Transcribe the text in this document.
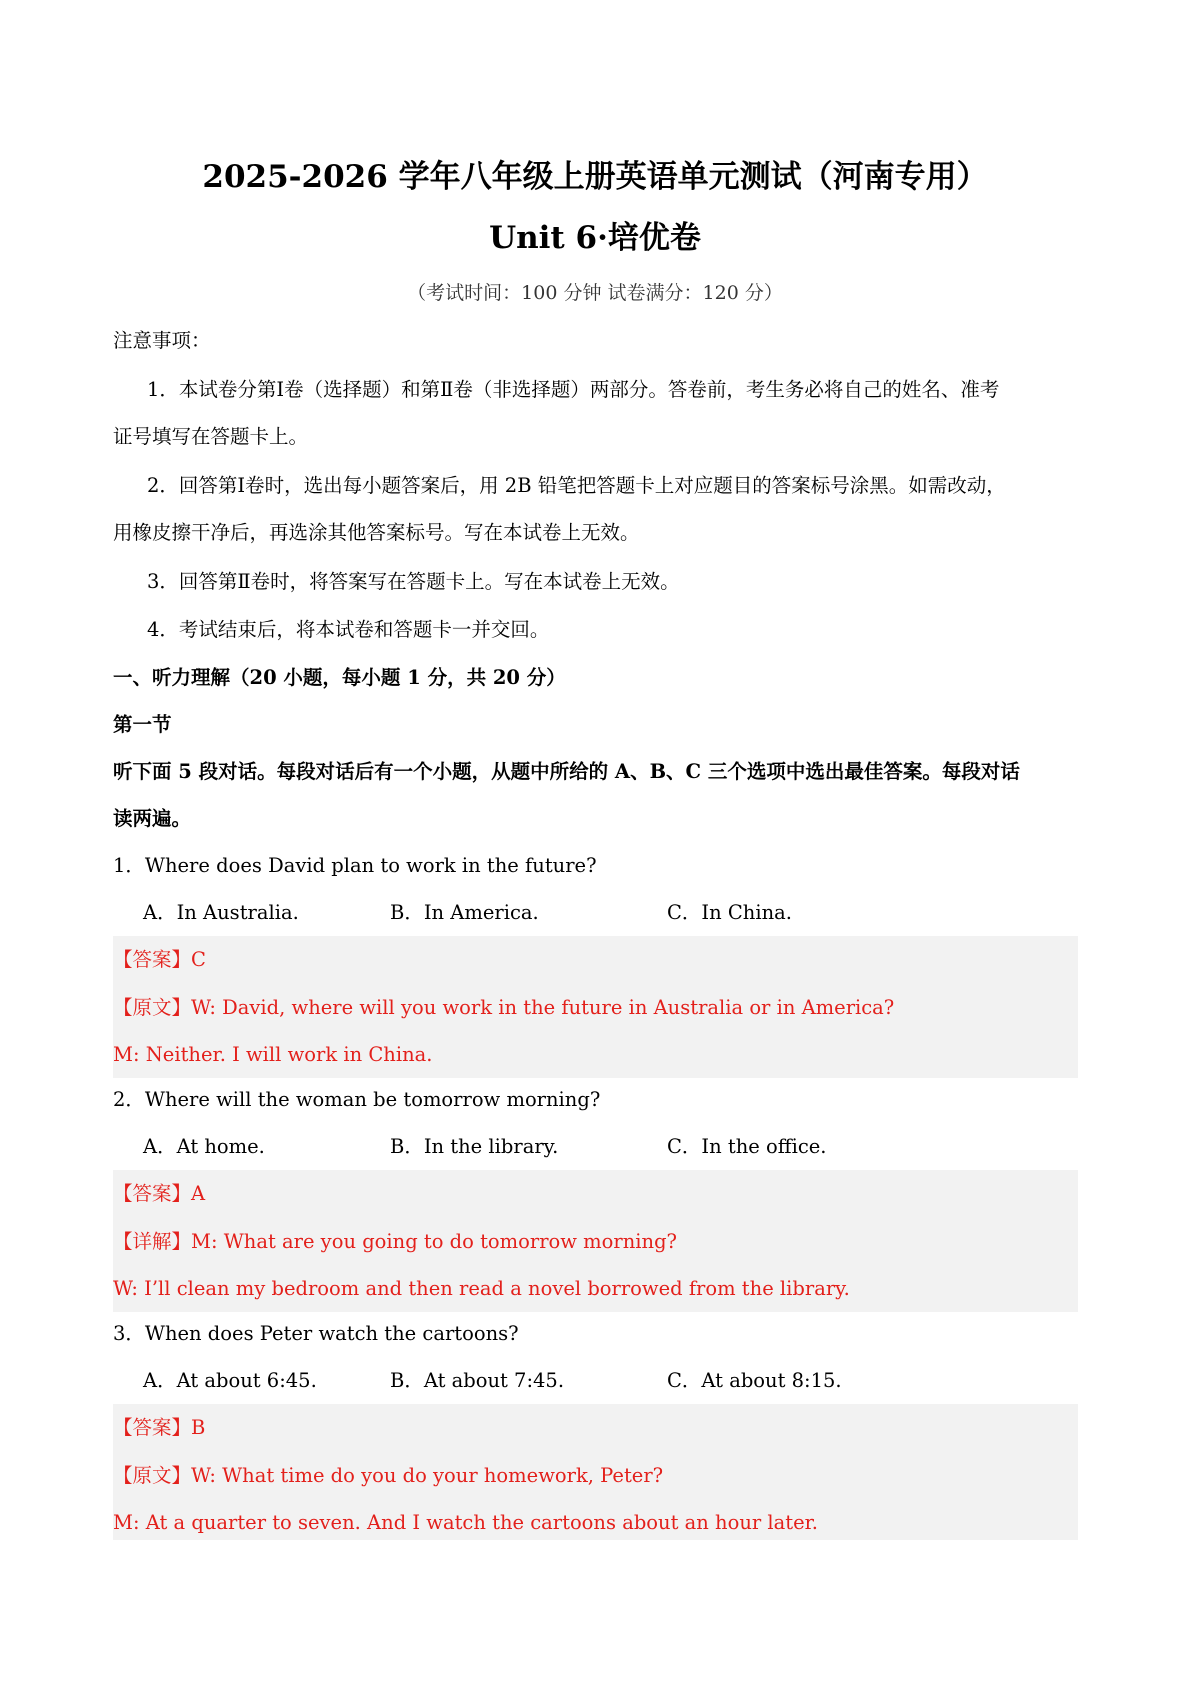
2025-2026 学年八年级上册英语单元测试（河南专用）
Unit 6·培优卷
（考试时间：100 分钟 试卷满分：120 分）
注意事项：
1．本试卷分第Ⅰ卷（选择题）和第Ⅱ卷（非选择题）两部分。答卷前，考生务必将自己的姓名、准考
证号填写在答题卡上。
2．回答第Ⅰ卷时，选出每小题答案后，用 2B 铅笔把答题卡上对应题目的答案标号涂黑。如需改动，
用橡皮擦干净后，再选涂其他答案标号。写在本试卷上无效。
3．回答第Ⅱ卷时，将答案写在答题卡上。写在本试卷上无效。
4．考试结束后，将本试卷和答题卡一并交回。
一、听力理解（20 小题，每小题 1 分，共 20 分）
第一节
听下面 5 段对话。每段对话后有一个小题，从题中所给的 A、B、C 三个选项中选出最佳答案。每段对话
读两遍。
1．Where does David plan to work in the future?
A．In Australia.	B．In America.	C．In China.
【答案】C
【原文】W: David, where will you work in the future in Australia or in America?
M: Neither. I will work in China.
2．Where will the woman be tomorrow morning?
A．At home.	B．In the library.	C．In the office.
【答案】A
【详解】M: What are you going to do tomorrow morning?
W: I’ll clean my bedroom and then read a novel borrowed from the library.
3．When does Peter watch the cartoons?
A．At about 6:45.	B．At about 7:45.	C．At about 8:15.
【答案】B
【原文】W: What time do you do your homework, Peter?
M: At a quarter to seven. And I watch the cartoons about an hour later.
